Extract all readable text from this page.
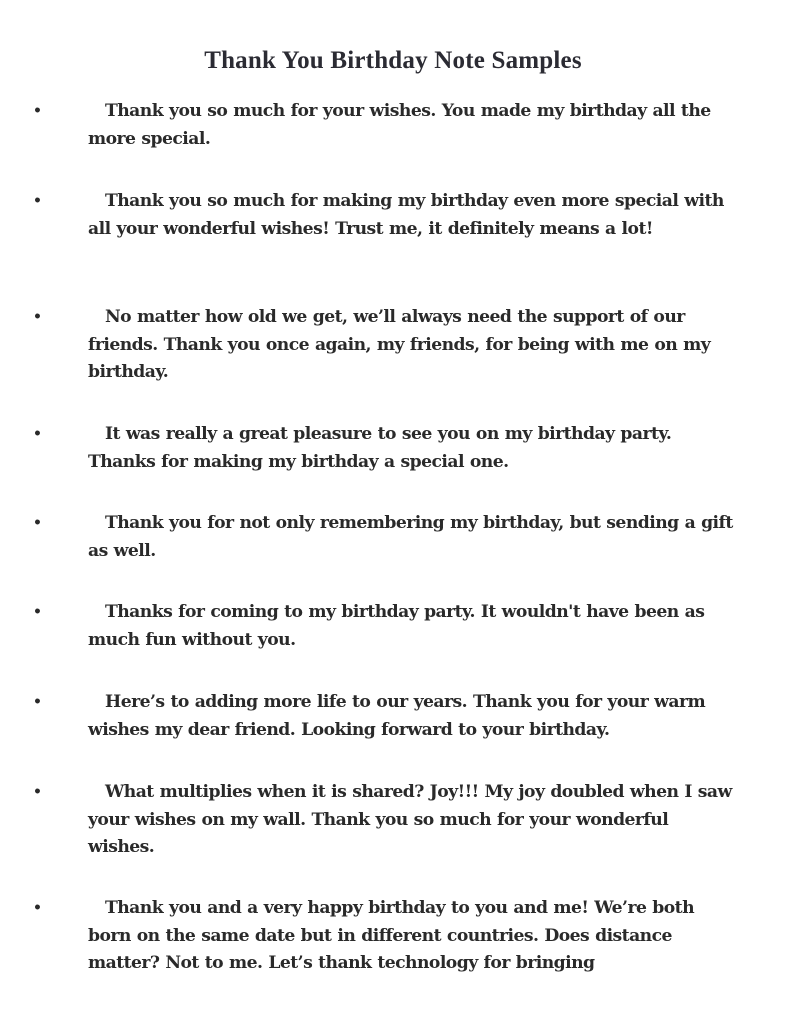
Thank You Birthday Note Samples
•	Thank you so much for your wishes. You made my birthday all the more special.

•	Thank you so much for making my birthday even more special with all your wonderful wishes! Trust me, it definitely means a lot!

•	No matter how old we get, we’ll always need the support of our friends. Thank you once again, my friends, for being with me on my birthday.

•	It was really a great pleasure to see you on my birthday party. Thanks for making my birthday a special one.

•	Thank you for not only remembering my birthday, but sending a gift as well.

•	Thanks for coming to my birthday party. It wouldn't have been as much fun without you.

•	Here’s to adding more life to our years. Thank you for your warm wishes my dear friend. Looking forward to your birthday.

•	What multiplies when it is shared? Joy!!! My joy doubled when I saw your wishes on my wall. Thank you so much for your wonderful wishes.

•	Thank you and a very happy birthday to you and me! We’re both born on the same date but in different countries. Does distance matter? Not to me. Let’s thank technology for bringing
